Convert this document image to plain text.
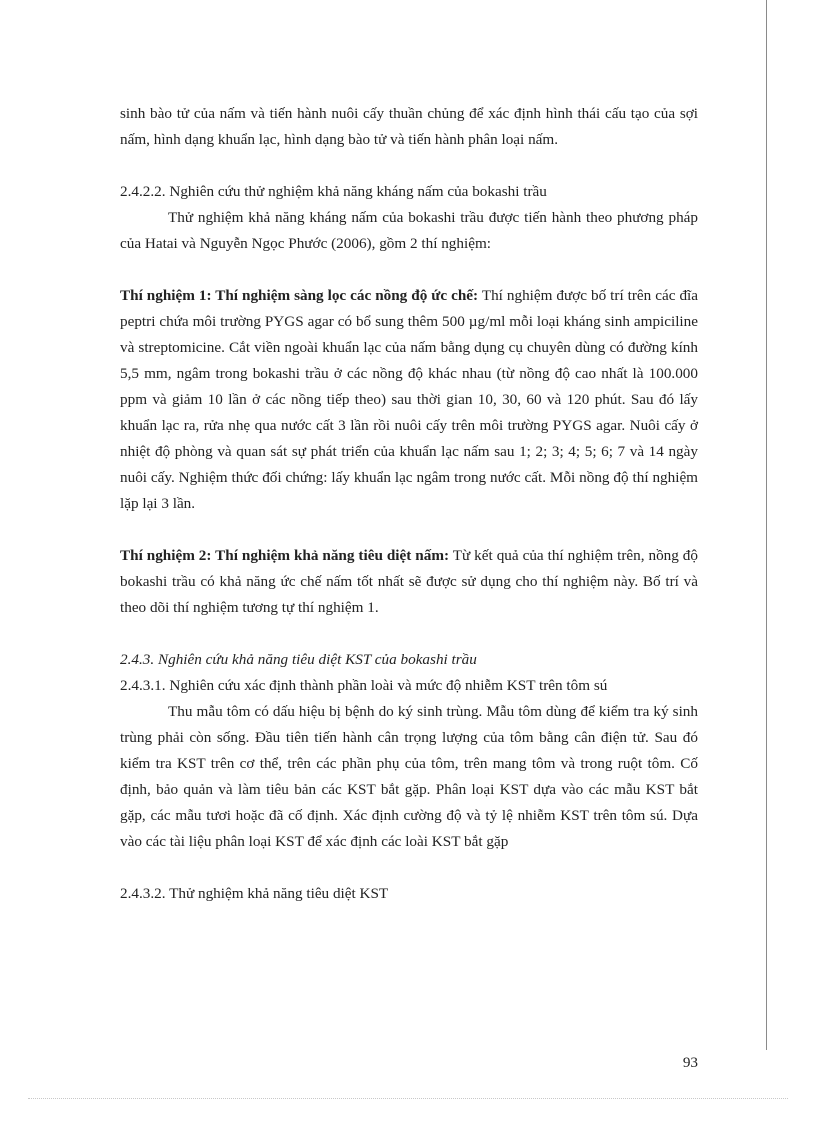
sinh bào tử của nấm và tiến hành nuôi cấy thuần chủng để xác định hình thái cấu tạo của sợi nấm, hình dạng khuẩn lạc, hình dạng bào tử và tiến hành phân loại nấm.

2.4.2.2. Nghiên cứu thử nghiệm khả năng kháng nấm của bokashi trầu

Thử nghiệm khả năng kháng nấm của bokashi trầu được tiến hành theo phương pháp của Hatai và Nguyễn Ngọc Phước (2006), gồm 2 thí nghiệm:

Thí nghiệm 1: Thí nghiệm sàng lọc các nồng độ ức chế: Thí nghiệm được bố trí trên các đĩa peptri chứa môi trường PYGS agar có bổ sung thêm 500 µg/ml mỗi loại kháng sinh ampiciline và streptomicine. Cắt viền ngoài khuẩn lạc của nấm bằng dụng cụ chuyên dùng có đường kính 5,5 mm, ngâm trong bokashi trầu ở các nồng độ khác nhau (từ nồng độ cao nhất là 100.000 ppm và giảm 10 lần ở các nồng tiếp theo) sau thời gian 10, 30, 60 và 120 phút. Sau đó lấy khuẩn lạc ra, rửa nhẹ qua nước cất 3 lần rồi nuôi cấy trên môi trường PYGS agar. Nuôi cấy ở nhiệt độ phòng và quan sát sự phát triển của khuẩn lạc nấm sau 1; 2; 3; 4; 5; 6; 7 và 14 ngày nuôi cấy. Nghiệm thức đối chứng: lấy khuẩn lạc ngâm trong nước cất. Mỗi nồng độ thí nghiệm lặp lại 3 lần.

Thí nghiệm 2: Thí nghiệm khả năng tiêu diệt nấm: Từ kết quả của thí nghiệm trên, nồng độ bokashi trầu có khả năng ức chế nấm tốt nhất sẽ được sử dụng cho thí nghiệm này. Bố trí và theo dõi thí nghiệm tương tự thí nghiệm 1.

2.4.3. Nghiên cứu khả năng tiêu diệt KST của bokashi trầu

2.4.3.1. Nghiên cứu xác định thành phần loài và mức độ nhiễm KST trên tôm sú

Thu mẫu tôm có dấu hiệu bị bệnh do ký sinh trùng. Mẫu tôm dùng để kiểm tra ký sinh trùng phải còn sống. Đầu tiên tiến hành cân trọng lượng của tôm bằng cân điện tử. Sau đó kiểm tra KST trên cơ thể, trên các phần phụ của tôm, trên mang tôm và trong ruột tôm. Cố định, bảo quản và làm tiêu bản các KST bắt gặp. Phân loại KST dựa vào các mẫu KST bắt gặp, các mẫu tươi hoặc đã cố định. Xác định cường độ và tỷ lệ nhiễm KST trên tôm sú. Dựa vào các tài liệu phân loại KST để xác định các loài KST bắt gặp

2.4.3.2. Thử nghiệm khả năng tiêu diệt KST

93
